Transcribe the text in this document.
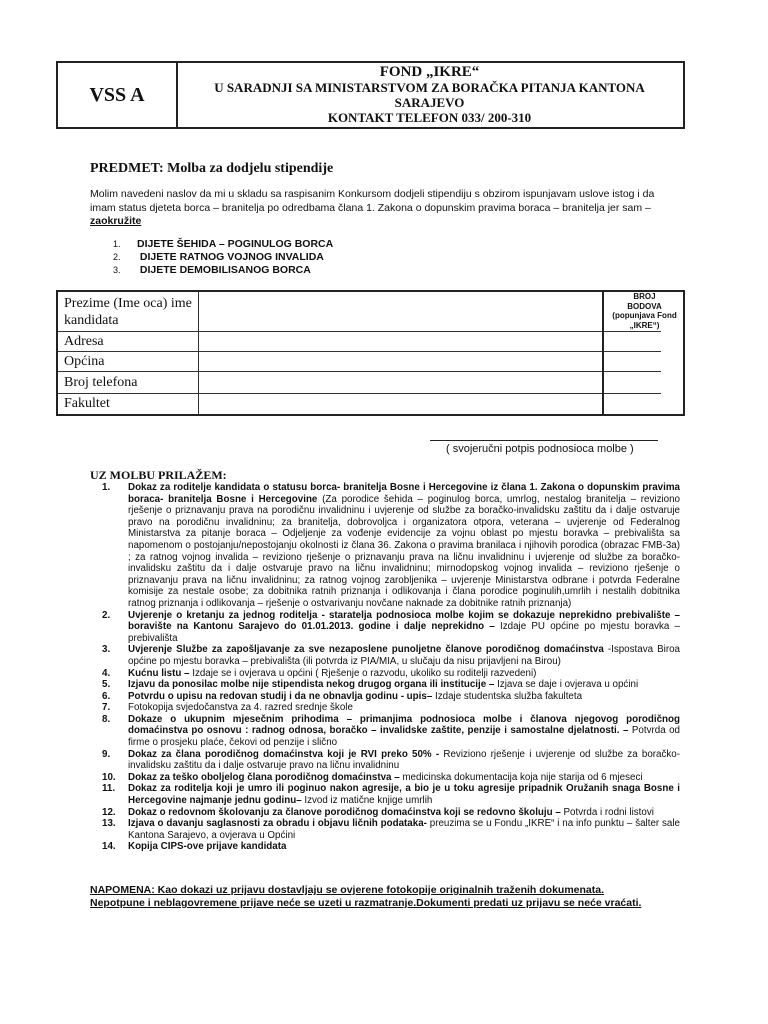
VSS A
FOND „IKRE“
U SARADNJI SA MINISTARSTVOM ZA BORAČKA PITANJA KANTONA
SARAJEVO
KONTAKT TELEFON 033/ 200-310
PREDMET: Molba za dodjelu stipendije
Molim navedeni naslov da mi u skladu sa raspisanim Konkursom dodjeli stipendiju s obzirom ispunjavam uslove istog i da imam status djeteta borca – branitelja po odredbama člana 1. Zakona o dopunskim pravima boraca – branitelja jer sam – zaokružite
1. DIJETE ŠEHIDA – POGINULOG BORCA
2. DIJETE RATNOG VOJNOG INVALIDA
3. DIJETE DEMOBILISANOG BORCA
Prezime (Ime oca) ime kandidata
Adresa
Općina
Broj telefona
Fakultet
BROJ
BODOVA
(popunjava Fond
„IKRE“)
( svojeručni potpis podnosioca molbe )
UZ MOLBU PRILAŽEM:
1. Dokaz za roditelje kandidata o statusu borca- branitelja Bosne i Hercegovine iz člana 1. Zakona o dopunskim pravima boraca- branitelja Bosne i Hercegovine (Za porodice šehida – poginulog borca, umrlog, nestalog branitelja – revizionо rješenje o priznavanju prava na porodičnu invalidninu i uvjerenje od službe za boračko-invalidsku zaštitu da i dalje ostvaruje pravo na porodičnu invalidninu; za branitelja, dobrovoljca i organizatora otpora, veterana – uvjerenje od Federalnog Ministarstva za pitanje boraca – Odjeljenje za vođenje evidencije za vojnu oblast po mjestu boravka – prebivališta sa napomenom o postojanju/nepostojanju okolnosti iz člana 36. Zakona o pravima branilaca i njihovih porodica (obrazac FMB-3a) ; za ratnog vojnog invalida – revizionо rješenje o priznavanju prava na ličnu invalidninu i uvjerenje od službe za boračko-invalidsku zaštitu da i dalje ostvaruje pravo na ličnu invalidninu; mirnodopskog vojnog invalida – revizionо rješenje o priznavanju prava na ličnu invalidninu; za ratnog vojnog zarobljenika – uvjerenje Ministarstva odbrane i potvrda Federalne komisije za nestale osobe; za dobitnika ratnih priznanja i odlikovanja i člana porodice poginulih,umrlih i nestalih dobitnika ratnog priznanja i odlikovanja – rješenje o ostvarivanju novčane naknade za dobitnike ratnih priznanja)
2. Uvjerenje o kretanju za jednog roditelja - staratelja podnosioca molbe kojim se dokazuje neprekidno prebivalište – boravište na Kantonu Sarajevo do 01.01.2013. godine i dalje neprekidno – Izdaje PU općine po mjestu boravka – prebivališta
3. Uvjerenje Službe za zapošljavanje za sve nezaposlene punoljetne članove porodičnog domaćinstva -Ispostava Biroa općine po mjestu boravka – prebivališta (ili potvrda iz PIA/MIA, u slučaju da nisu prijavljeni na Birou)
4. Kućnu listu – Izdaje se i ovjerava u općini ( Rješenje o razvodu, ukoliko su roditelji razvedeni)
5. Izjavu da ponosilac molbe nije stipendista nekog drugog organa ili institucije – Izjava se daje i ovjerava u općini
6. Potvrdu o upisu na redovan studij i da ne obnavlja godinu - upis– Izdaje studentska služba fakulteta
7. Fotokopija svjedočanstva za 4. razred srednje škole
8. Dokaze o ukupnim mjesečnim prihodima – primanjima podnosioca molbe i članova njegovog porodičnog domaćinstva po osnovu : radnog odnosa, boračko – invalidske zaštite, penzije i samostalne djelatnosti. – Potvrda od firme o prosjeku plaće, čekovi od penzije i slično
9. Dokaz za člana porodičnog domaćinstva koji je RVI preko 50% - Revizionо rješenje i uvjerenje od službe za boračko-invalidsku zaštitu da i dalje ostvaruje pravo na ličnu invalidninu
10. Dokaz za teško oboljelog člana porodičnog domaćinstva – medicinska dokumentacija koja nije starija od 6 mjeseci
11. Dokaz za roditelja koji je umro ili poginuo nakon agresije, a bio je u toku agresije pripadnik Oružanih snaga Bosne i Hercegovine najmanje jednu godinu– Izvod iz matične knjige umrlih
12. Dokaz o redovnom školovanju za članove porodičnog domaćinstva koji se redovno školuju – Potvrda i rodni listovi
13. Izjava o davanju saglasnosti za obradu i objavu ličnih podataka- preuzima se u Fondu „IKRE“ i na info punktu – šalter sale Kantona Sarajevo, a ovjerava u Općini
14. Kopija CIPS-ove prijave kandidata
NAPOMENA: Kao dokazi uz prijavu dostavljaju se ovjerene fotokopije originalnih traženih dokumenata.
Nepotpune i neblagovremene prijave neće se uzeti u razmatranje.Dokumenti predati uz prijavu se neće vraćati.
